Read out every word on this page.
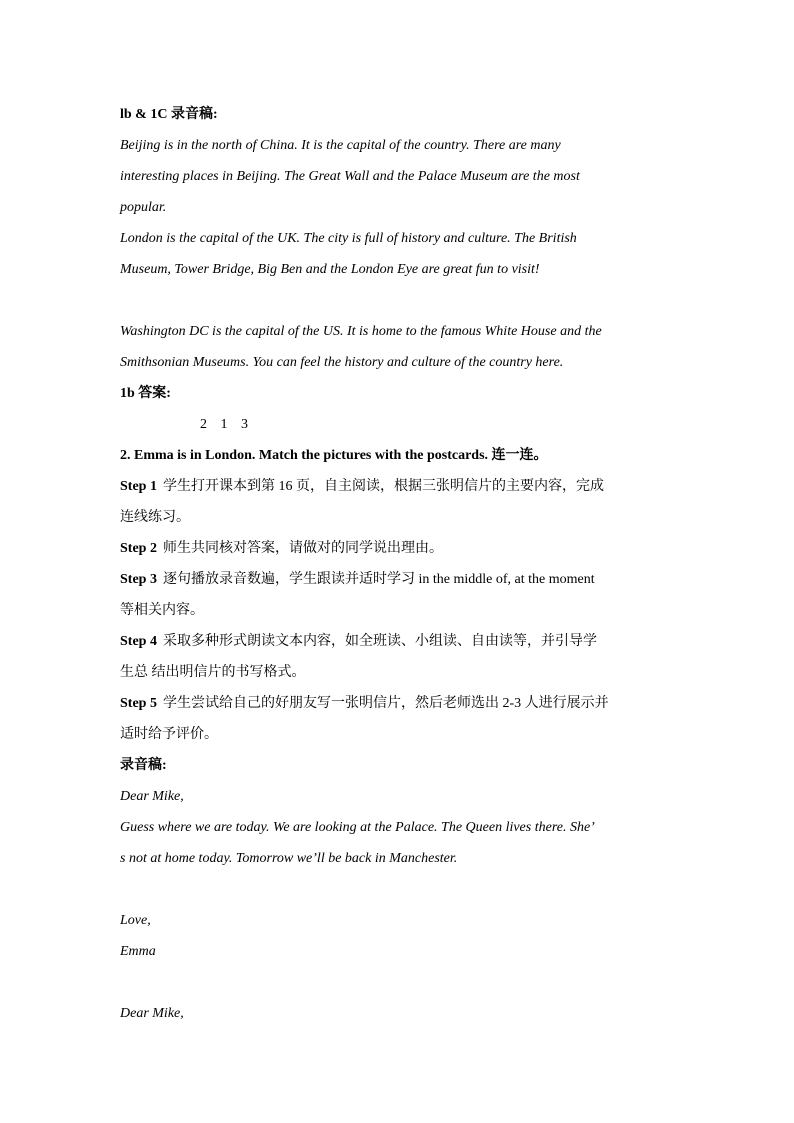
lb & 1C 录音稿:
Beijing is in the north of China. It is the capital of the country. There are many
interesting places in Beijing. The Great Wall and the Palace Museum are the most
popular.
London is the capital of the UK. The city is full of history and culture. The British
Museum, Tower Bridge, Big Ben and the London Eye are great fun to visit!
Washington DC is the capital of the US. It is home to the famous White House and the
Smithsonian Museums. You can feel the history and culture of the country here.
1b 答案:
2 1 3
2. Emma is in London. Match the pictures with the postcards. 连一连。
Step 1 学生打开课本到第 16 页，自主阅读，根据三张明信片的主要内容，完成
连线练习。
Step 2 师生共同核对答案，请做对的同学说出理由。
Step 3 逐句播放录音数遍，学生跟读并适时学习 in the middle of, at the moment
等相关内容。
Step 4 采取多种形式朗读文本内容，如全班读、小组读、自由读等，并引导学
生总 结出明信片的书写格式。
Step 5 学生尝试给自己的好朋友写一张明信片，然后老师选出 2-3 人进行展示并
适时给予评价。
录音稿:
Dear Mike,
Guess where we are today. We are looking at the Palace. The Queen lives there. She’
s not at home today. Tomorrow we’ll be back in Manchester.
Love,
Emma
Dear Mike,
